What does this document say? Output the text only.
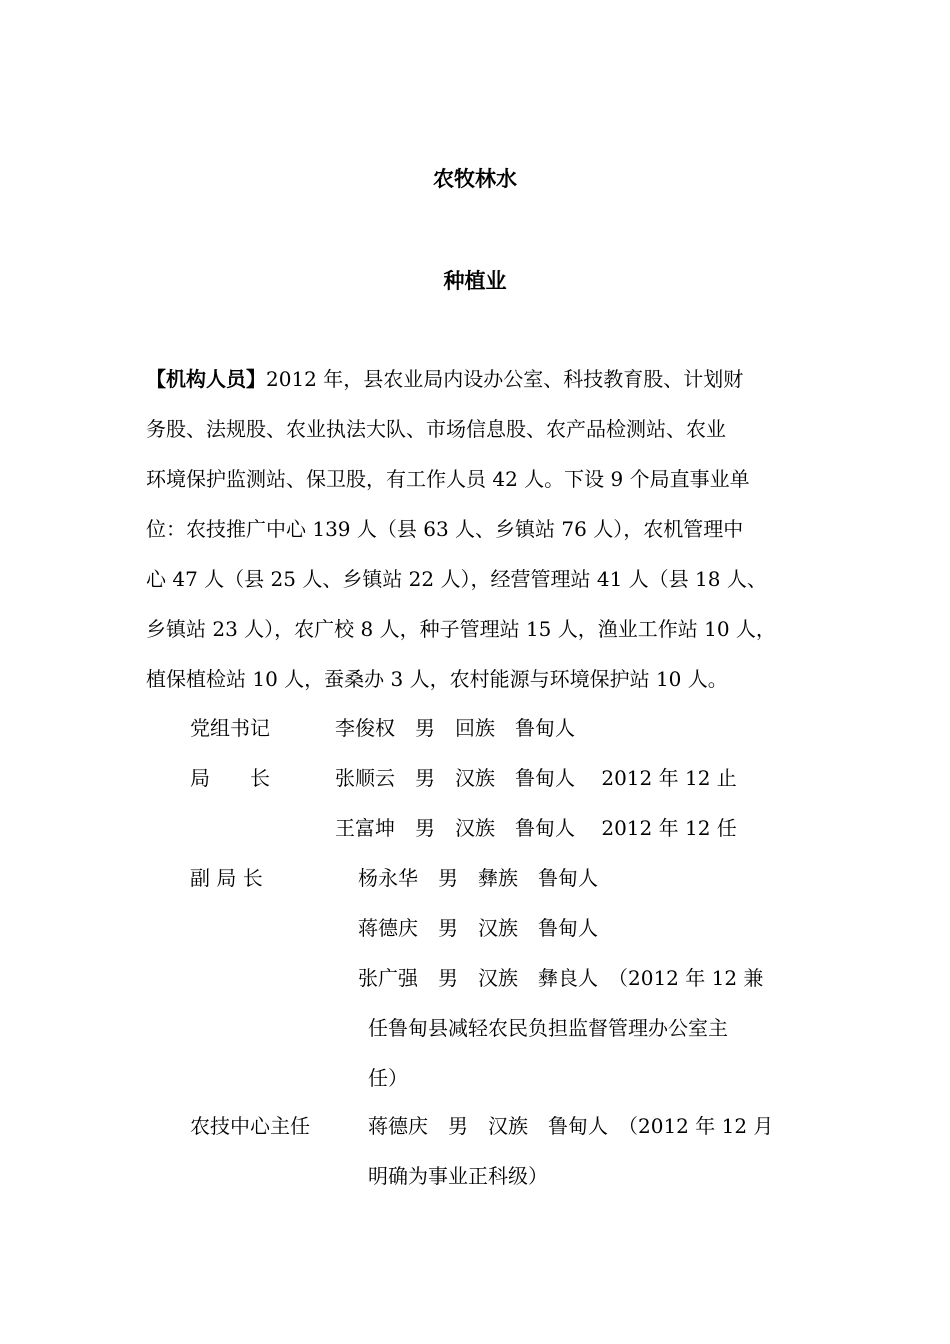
农牧林水
种植业
【机构人员】2012 年，县农业局内设办公室、科技教育股、计划财
务股、法规股、农业执法大队、市场信息股、农产品检测站、农业
环境保护监测站、保卫股，有工作人员 42 人。下设 9 个局直事业单
位：农技推广中心 139 人（县 63 人、乡镇站 76 人），农机管理中
心 47 人（县 25 人、乡镇站 22 人），经营管理站 41 人（县 18 人、
乡镇站 23 人），农广校 8 人，种子管理站 15 人，渔业工作站 10 人，
植保植检站 10 人，蚕桑办 3 人，农村能源与环境保护站 10 人。
党组书记	李俊权　男　回族　鲁甸人
局　　长	张顺云　男　汉族　鲁甸人　 2012 年 12 止
王富坤　男　汉族　鲁甸人　 2012 年 12 任
副 局 长	杨永华　男　彝族　鲁甸人
蒋德庆　男　汉族　鲁甸人
张广强　男　汉族　彝良人　（2012 年 12 兼
任鲁甸县减轻农民负担监督管理办公室主
任）
农技中心主任	蒋德庆　男　汉族　鲁甸人　（2012 年 12 月
明确为事业正科级）
